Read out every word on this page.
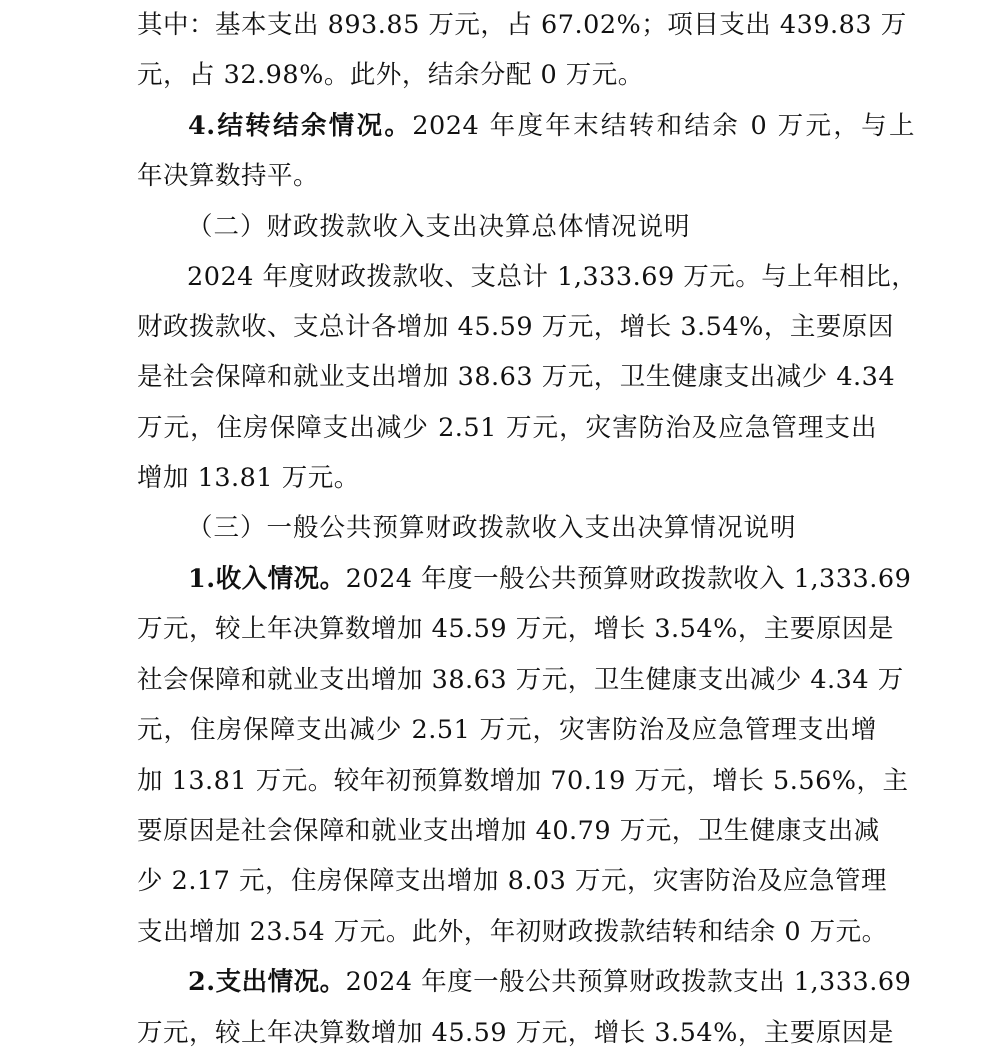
其中：基本支出 893.85 万元，占 67.02%；项目支出 439.83 万
元，占 32.98%。此外，结余分配 0 万元。
4.结转结余情况。2024 年度年末结转和结余 0 万元，与上
年决算数持平。
（二）财政拨款收入支出决算总体情况说明
2024 年度财政拨款收、支总计 1,333.69 万元。与上年相比，
财政拨款收、支总计各增加 45.59 万元，增长 3.54%，主要原因
是社会保障和就业支出增加 38.63 万元，卫生健康支出减少 4.34
万元，住房保障支出减少 2.51 万元，灾害防治及应急管理支出
增加 13.81 万元。
（三）一般公共预算财政拨款收入支出决算情况说明
1.收入情况。2024 年度一般公共预算财政拨款收入 1,333.69
万元，较上年决算数增加 45.59 万元，增长 3.54%，主要原因是
社会保障和就业支出增加 38.63 万元，卫生健康支出减少 4.34 万
元，住房保障支出减少 2.51 万元，灾害防治及应急管理支出增
加 13.81 万元。较年初预算数增加 70.19 万元，增长 5.56%，主
要原因是社会保障和就业支出增加 40.79 万元，卫生健康支出减
少 2.17 元，住房保障支出增加 8.03 万元，灾害防治及应急管理
支出增加 23.54 万元。此外，年初财政拨款结转和结余 0 万元。
2.支出情况。2024 年度一般公共预算财政拨款支出 1,333.69
万元，较上年决算数增加 45.59 万元，增长 3.54%，主要原因是
